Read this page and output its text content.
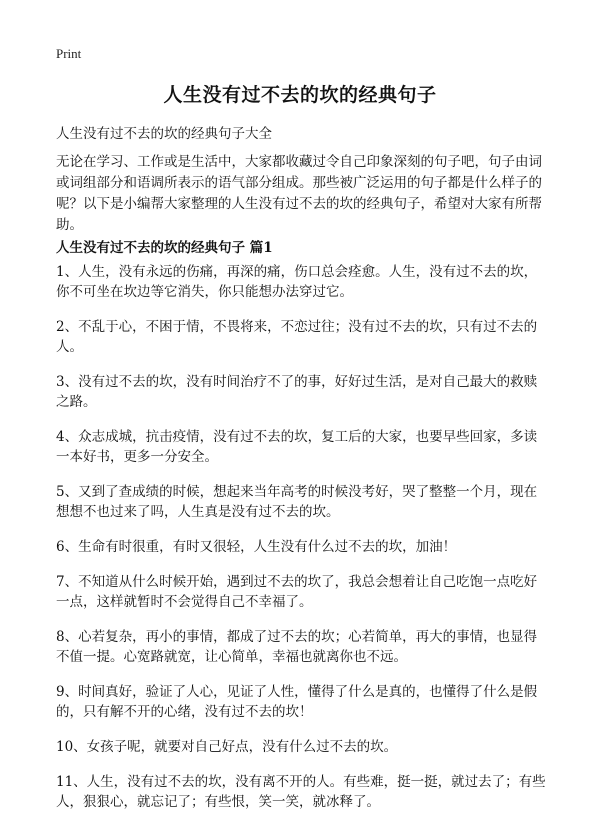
Print
人生没有过不去的坎的经典句子
人生没有过不去的坎的经典句子大全

无论在学习、工作或是生活中，大家都收藏过令自己印象深刻的句子吧，句子由词或词组部分和语调所表示的语气部分组成。那些被广泛运用的句子都是什么样子的呢？以下是小编帮大家整理的人生没有过不去的坎的经典句子，希望对大家有所帮助。

人生没有过不去的坎的经典句子 篇1
1、人生，没有永远的伤痛，再深的痛，伤口总会痊愈。人生，没有过不去的坎，你不可坐在坎边等它消失，你只能想办法穿过它。
2、不乱于心，不困于情，不畏将来，不恋过往；没有过不去的坎，只有过不去的人。
3、没有过不去的坎，没有时间治疗不了的事，好好过生活，是对自己最大的救赎之路。
4、众志成城，抗击疫情，没有过不去的坎，复工后的大家，也要早些回家，多读一本好书，更多一分安全。
5、又到了查成绩的时候，想起来当年高考的时候没考好，哭了整整一个月，现在想想不也过来了吗，人生真是没有过不去的坎。
6、生命有时很重，有时又很轻，人生没有什么过不去的坎，加油！
7、不知道从什么时候开始，遇到过不去的坎了，我总会想着让自己吃饱一点吃好一点，这样就暂时不会觉得自己不幸福了。
8、心若复杂，再小的事情，都成了过不去的坎；心若简单，再大的事情，也显得不值一提。心宽路就宽，让心简单，幸福也就离你也不远。
9、时间真好，验证了人心，见证了人性，懂得了什么是真的，也懂得了什么是假的，只有解不开的心绪，没有过不去的坎！
10、女孩子呢，就要对自己好点，没有什么过不去的坎。
11、人生，没有过不去的坎，没有离不开的人。有些难，挺一挺，就过去了；有些人，狠狠心，就忘记了；有些恨，笑一笑，就冰释了。
